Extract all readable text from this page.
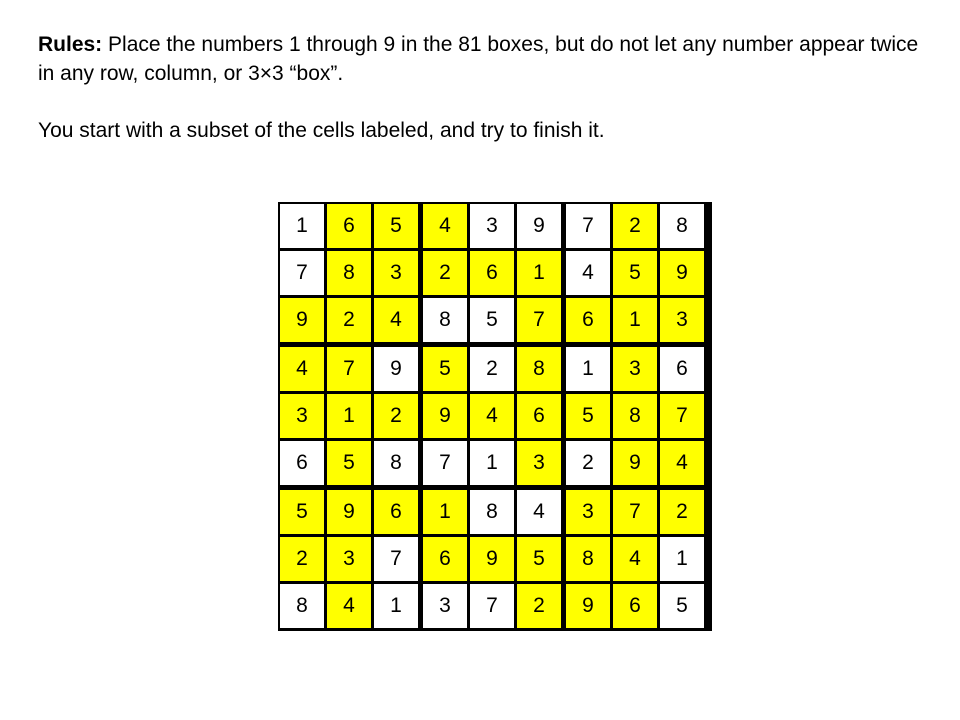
Rules: Place the numbers 1 through 9 in the 81 boxes, but do not let any number appear twice in any row, column, or 3×3 “box”.
You start with a subset of the cells labeled, and try to finish it.
1	6	5	4	3	9	7	2	8
7	8	3	2	6	1	4	5	9
9	2	4	8	5	7	6	1	3
4	7	9	5	2	8	1	3	6
3	1	2	9	4	6	5	8	7
6	5	8	7	1	3	2	9	4
5	9	6	1	8	4	3	7	2
2	3	7	6	9	5	8	4	1
8	4	1	3	7	2	9	6	5
